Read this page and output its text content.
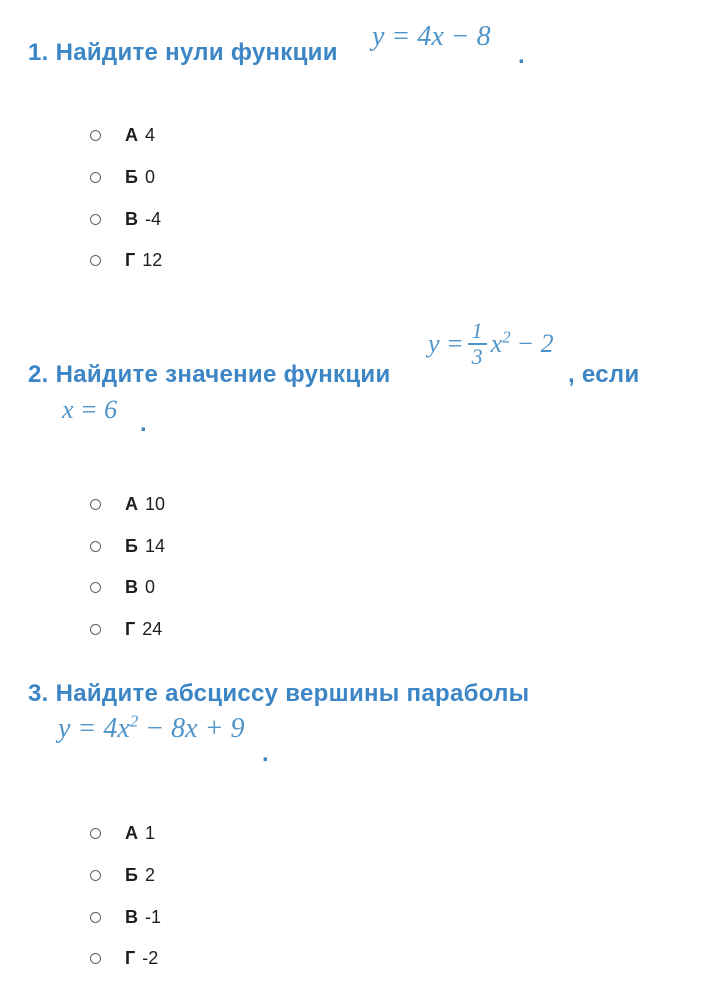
1. Найдите нули функции
y = 4x − 8
.
А 4
Б 0
В -4
Г 12
2. Найдите значение функции
$y = \frac{1}{3} x^2 - 2$
, если
x = 6 .
А 10
Б 14
В 0
Г 24
3. Найдите абсциссу вершины параболы
$y = 4x^2 - 8x + 9$
.
А 1
Б 2
В -1
Г -2
